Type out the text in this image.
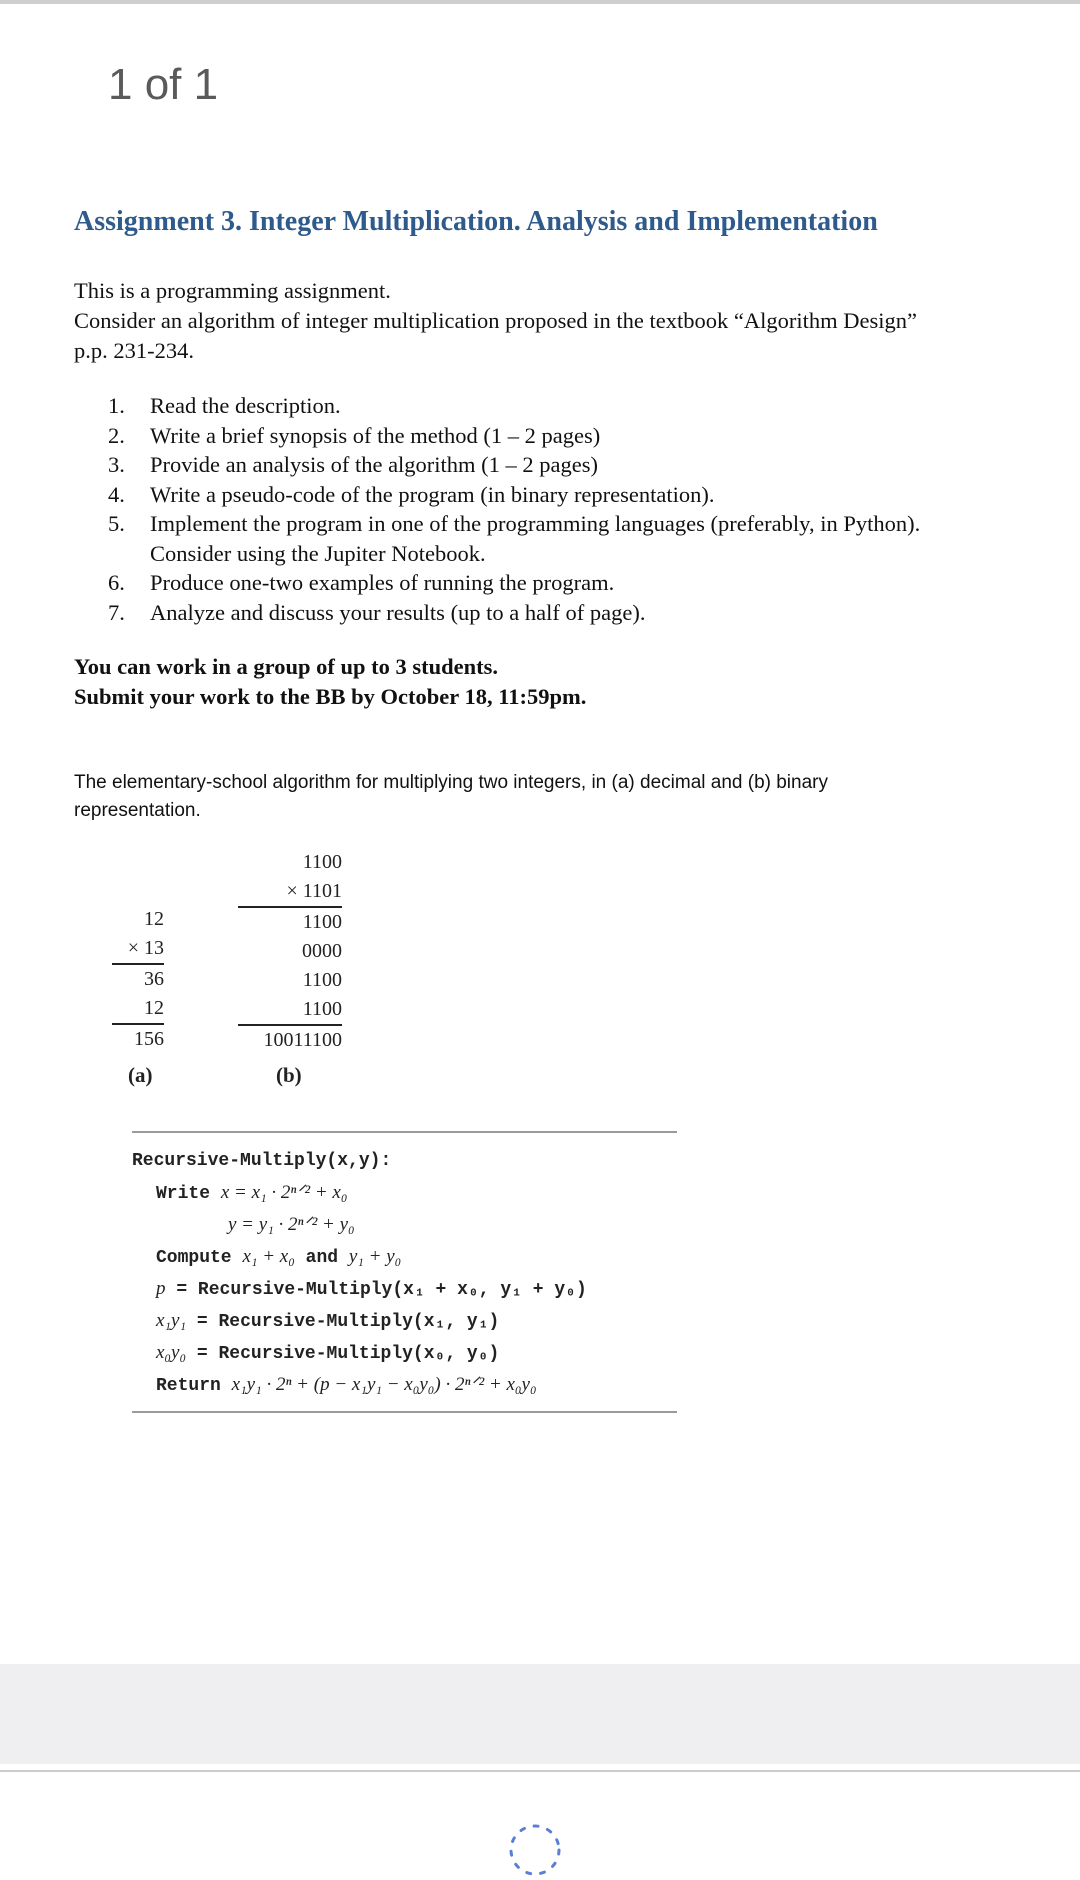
1 of 1
Assignment 3. Integer Multiplication. Analysis and Implementation
This is a programming assignment.
Consider an algorithm of integer multiplication proposed in the textbook “Algorithm Design”
p.p. 231-234.
1. Read the description.
2. Write a brief synopsis of the method (1 – 2 pages)
3. Provide an analysis of the algorithm (1 – 2 pages)
4. Write a pseudo-code of the program (in binary representation).
5. Implement the program in one of the programming languages (preferably, in Python).
Consider using the Jupiter Notebook.
6. Produce one-two examples of running the program.
7. Analyze and discuss your results (up to a half of page).
You can work in a group of up to 3 students.
Submit your work to the BB by October 18, 11:59pm.
The elementary-school algorithm for multiplying two integers, in (a) decimal and (b) binary
representation.
12
× 13
36
12
156
(a)
1100
× 1101
1100
0000
1100
1100
10011100
(b)
Recursive-Multiply(x,y):
Write x = x₁ · 2ⁿᐟ² + x₀
y = y₁ · 2ⁿᐟ² + y₀
Compute x₁ + x₀ and y₁ + y₀
p = Recursive-Multiply(x₁ + x₀, y₁ + y₀)
x₁y₁ = Recursive-Multiply(x₁, y₁)
x₀y₀ = Recursive-Multiply(x₀, y₀)
Return x₁y₁ · 2ⁿ + (p − x₁y₁ − x₀y₀) · 2ⁿᐟ² + x₀y₀
